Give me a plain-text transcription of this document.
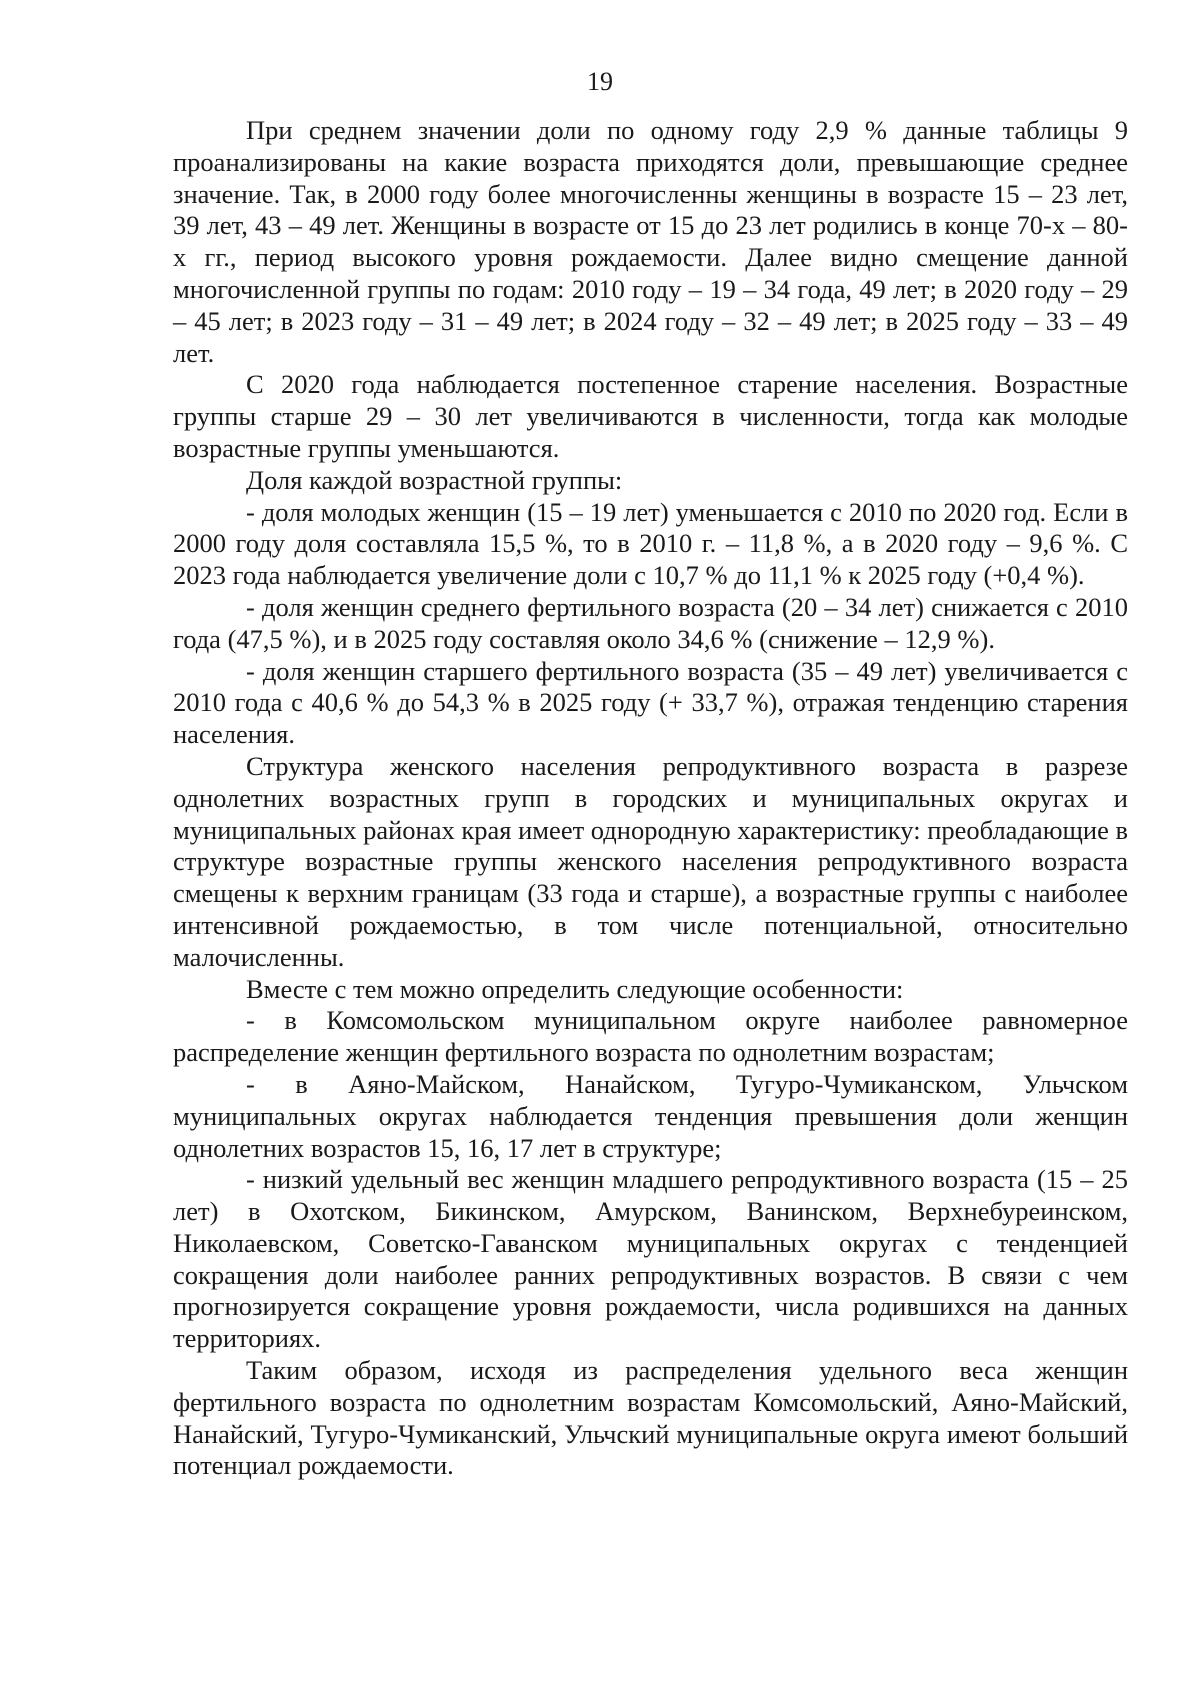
19

При среднем значении доли по одному году 2,9 % данные таблицы 9 проанализированы на какие возраста приходятся доли, превышающие среднее значение. Так, в 2000 году более многочисленны женщины в возрасте 15 – 23 лет, 39 лет, 43 – 49 лет. Женщины в возрасте от 15 до 23 лет родились в конце 70-х – 80-х гг., период высокого уровня рождаемости. Далее видно смещение данной многочисленной группы по годам: 2010 году – 19 – 34 года, 49 лет; в 2020 году – 29 – 45 лет; в 2023 году – 31 – 49 лет; в 2024 году – 32 – 49 лет; в 2025 году – 33 – 49 лет.

С 2020 года наблюдается постепенное старение населения. Возрастные группы старше 29 – 30 лет увеличиваются в численности, тогда как молодые возрастные группы уменьшаются.

Доля каждой возрастной группы:

- доля молодых женщин (15 – 19 лет) уменьшается с 2010 по 2020 год. Если в 2000 году доля составляла 15,5 %, то в 2010 г. – 11,8 %, а в 2020 году – 9,6 %. С 2023 года наблюдается увеличение доли с 10,7 % до 11,1 % к 2025 году (+0,4 %).

- доля женщин среднего фертильного возраста (20 – 34 лет) снижается с 2010 года (47,5 %), и в 2025 году составляя около 34,6 % (снижение – 12,9 %).

- доля женщин старшего фертильного возраста (35 – 49 лет) увеличивается с 2010 года с 40,6 % до 54,3 % в 2025 году (+ 33,7 %), отражая тенденцию старения населения.

Структура женского населения репродуктивного возраста в разрезе однолетних возрастных групп в городских и муниципальных округах и муниципальных районах края имеет однородную характеристику: преобладающие в структуре возрастные группы женского населения репродуктивного возраста смещены к верхним границам (33 года и старше), а возрастные группы с наиболее интенсивной рождаемостью, в том числе потенциальной, относительно малочисленны.

Вместе с тем можно определить следующие особенности:

- в Комсомольском муниципальном округе наиболее равномерное распределение женщин фертильного возраста по однолетним возрастам;

- в Аяно-Майском, Нанайском, Тугуро-Чумиканском, Ульчском муниципальных округах наблюдается тенденция превышения доли женщин однолетних возрастов 15, 16, 17 лет в структуре;

- низкий удельный вес женщин младшего репродуктивного возраста (15 – 25 лет) в Охотском, Бикинском, Амурском, Ванинском, Верхнебуреинском, Николаевском, Советско-Гаванском муниципальных округах с тенденцией сокращения доли наиболее ранних репродуктивных возрастов. В связи с чем прогнозируется сокращение уровня рождаемости, числа родившихся на данных территориях.

Таким образом, исходя из распределения удельного веса женщин фертильного возраста по однолетним возрастам Комсомольский, Аяно-Майский, Нанайский, Тугуро-Чумиканский, Ульчский муниципальные округа имеют больший потенциал рождаемости.
